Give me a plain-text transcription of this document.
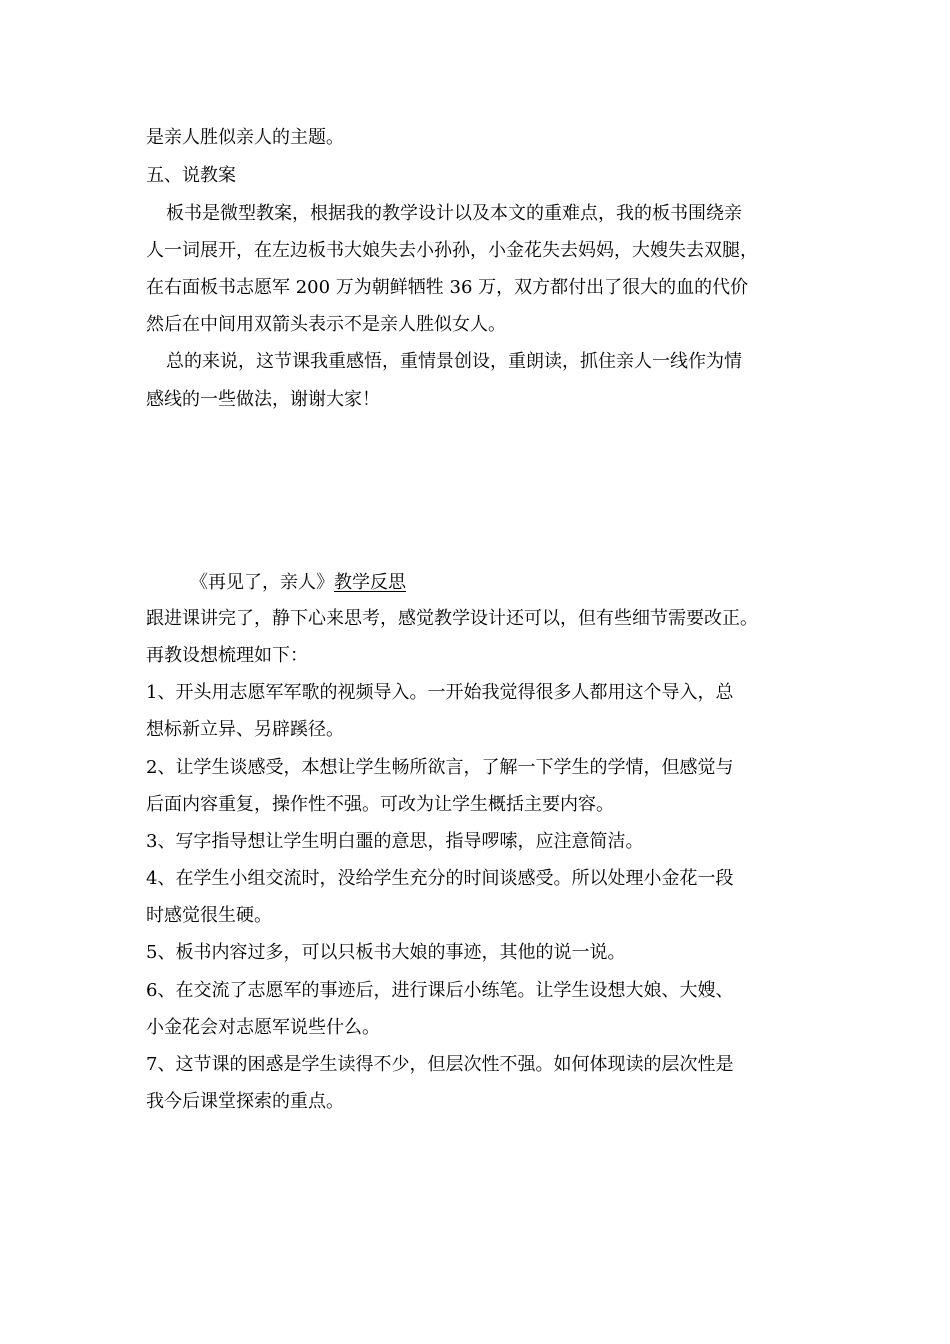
是亲人胜似亲人的主题。
五、说教案
板书是微型教案，根据我的教学设计以及本文的重难点，我的板书围绕亲
人一词展开，在左边板书大娘失去小孙孙，小金花失去妈妈，大嫂失去双腿，
在右面板书志愿军 200 万为朝鲜牺牲 36 万，双方都付出了很大的血的代价
然后在中间用双箭头表示不是亲人胜似女人。
总的来说，这节课我重感悟，重情景创设，重朗读，抓住亲人一线作为情
感线的一些做法，谢谢大家！
《再见了，亲人》教学反思
跟进课讲完了，静下心来思考，感觉教学设计还可以，但有些细节需要改正。
再教设想梳理如下：
1、开头用志愿军军歌的视频导入。一开始我觉得很多人都用这个导入，总
想标新立异、另辟蹊径。
2、让学生谈感受，本想让学生畅所欲言，了解一下学生的学情，但感觉与
后面内容重复，操作性不强。可改为让学生概括主要内容。
3、写字指导想让学生明白噩的意思，指导啰嗦，应注意简洁。
4、在学生小组交流时，没给学生充分的时间谈感受。所以处理小金花一段
时感觉很生硬。
5、板书内容过多，可以只板书大娘的事迹，其他的说一说。
6、在交流了志愿军的事迹后，进行课后小练笔。让学生设想大娘、大嫂、
小金花会对志愿军说些什么。
7、这节课的困惑是学生读得不少，但层次性不强。如何体现读的层次性是
我今后课堂探索的重点。
